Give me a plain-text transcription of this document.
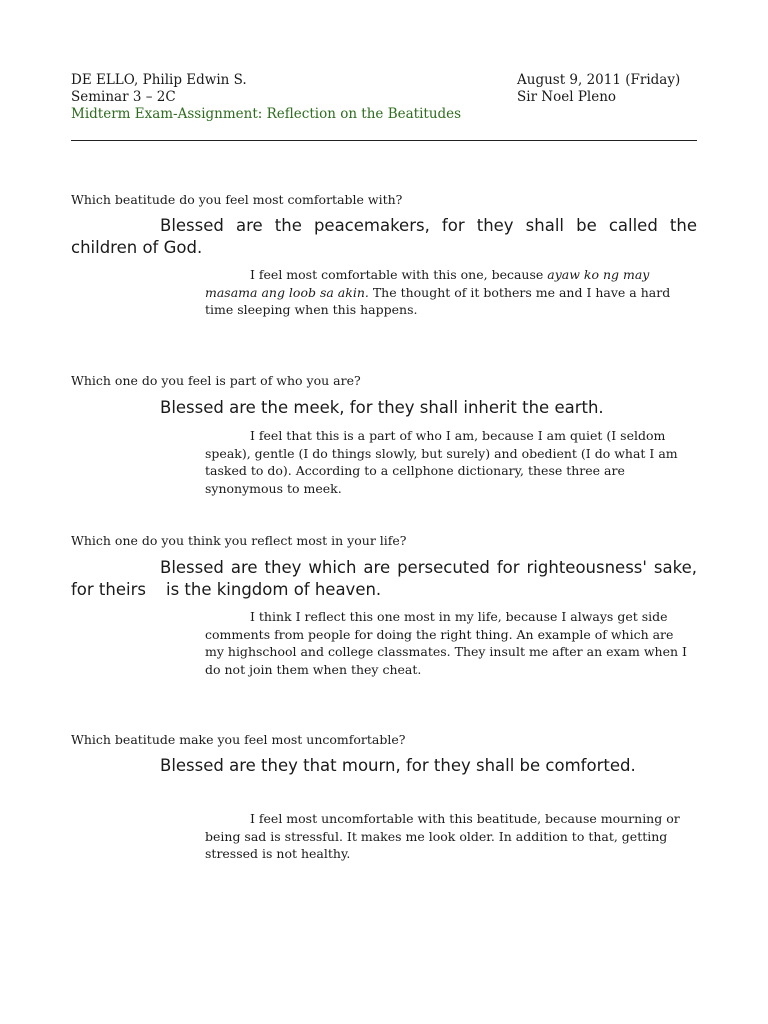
DE ELLO, Philip Edwin S.
Seminar 3 – 2C
Midterm Exam-Assignment: Reflection on the Beatitudes
August 9, 2011 (Friday)
Sir Noel Pleno
Which beatitude do you feel most comfortable with?
Blessed are the peacemakers, for they shall be called the children of God.
I feel most comfortable with this one, because ayaw ko ng may masama ang loob sa akin. The thought of it bothers me and I have a hard time sleeping when this happens.
Which one do you feel is part of who you are?
Blessed are the meek, for they shall inherit the earth.
I feel that this is a part of who I am, because I am quiet (I seldom speak), gentle (I do things slowly, but surely) and obedient (I do what I am tasked to do). According to a cellphone dictionary, these three are synonymous to meek.
Which one do you think you reflect most in your life?
Blessed are they which are persecuted for righteousness' sake, for theirs is the kingdom of heaven.
I think I reflect this one most in my life, because I always get side comments from people for doing the right thing. An example of which are my highschool and college classmates. They insult me after an exam when I do not join them when they cheat.
Which beatitude make you feel most uncomfortable?
Blessed are they that mourn, for they shall be comforted.
I feel most uncomfortable with this beatitude, because mourning or being sad is stressful. It makes me look older. In addition to that, getting stressed is not healthy.
